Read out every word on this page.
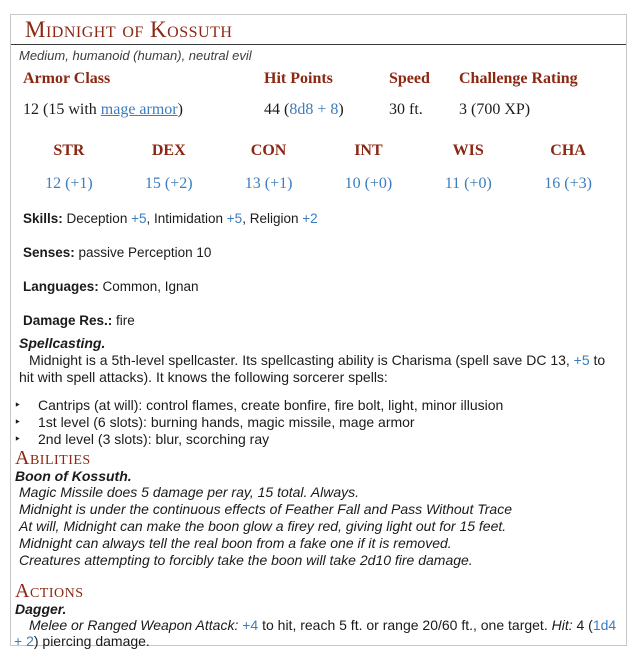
Midnight of Kossuth

Medium, humanoid (human), neutral evil

Armor Class	Hit Points	Speed	Challenge Rating
12 (15 with mage armor)	44 (8d8 + 8)	30 ft.	3 (700 XP)
STR	DEX	CON	INT	WIS	CHA
12 (+1)	15 (+2)	13 (+1)	10 (+0)	11 (+0)	16 (+3)

Skills: Deception +5, Intimidation +5, Religion +2

Senses: passive Perception 10

Languages: Common, Ignan

Damage Res.: fire

Spellcasting.

Midnight is a 5th-level spellcaster. Its spellcasting ability is Charisma (spell save DC 13, +5 to hit with spell attacks). It knows the following sorcerer spells:

‣	Cantrips (at will): control flames, create bonfire, fire bolt, light, minor illusion
‣	1st level (6 slots): burning hands, magic missile, mage armor
‣	2nd level (3 slots): blur, scorching ray
Abilities

Boon of Kossuth.

Magic Missile does 5 damage per ray, 15 total. Always.

Midnight is under the continuous effects of Feather Fall and Pass Without Trace

At will, Midnight can make the boon glow a firey red, giving light out for 15 feet.

Midnight can always tell the real boon from a fake one if it is removed.

Creatures attempting to forcibly take the boon will take 2d10 fire damage.

Actions

Dagger.

Melee or Ranged Weapon Attack: +4 to hit, reach 5 ft. or range 20/60 ft., one target. Hit: 4 (1d4 + 2) piercing damage.
